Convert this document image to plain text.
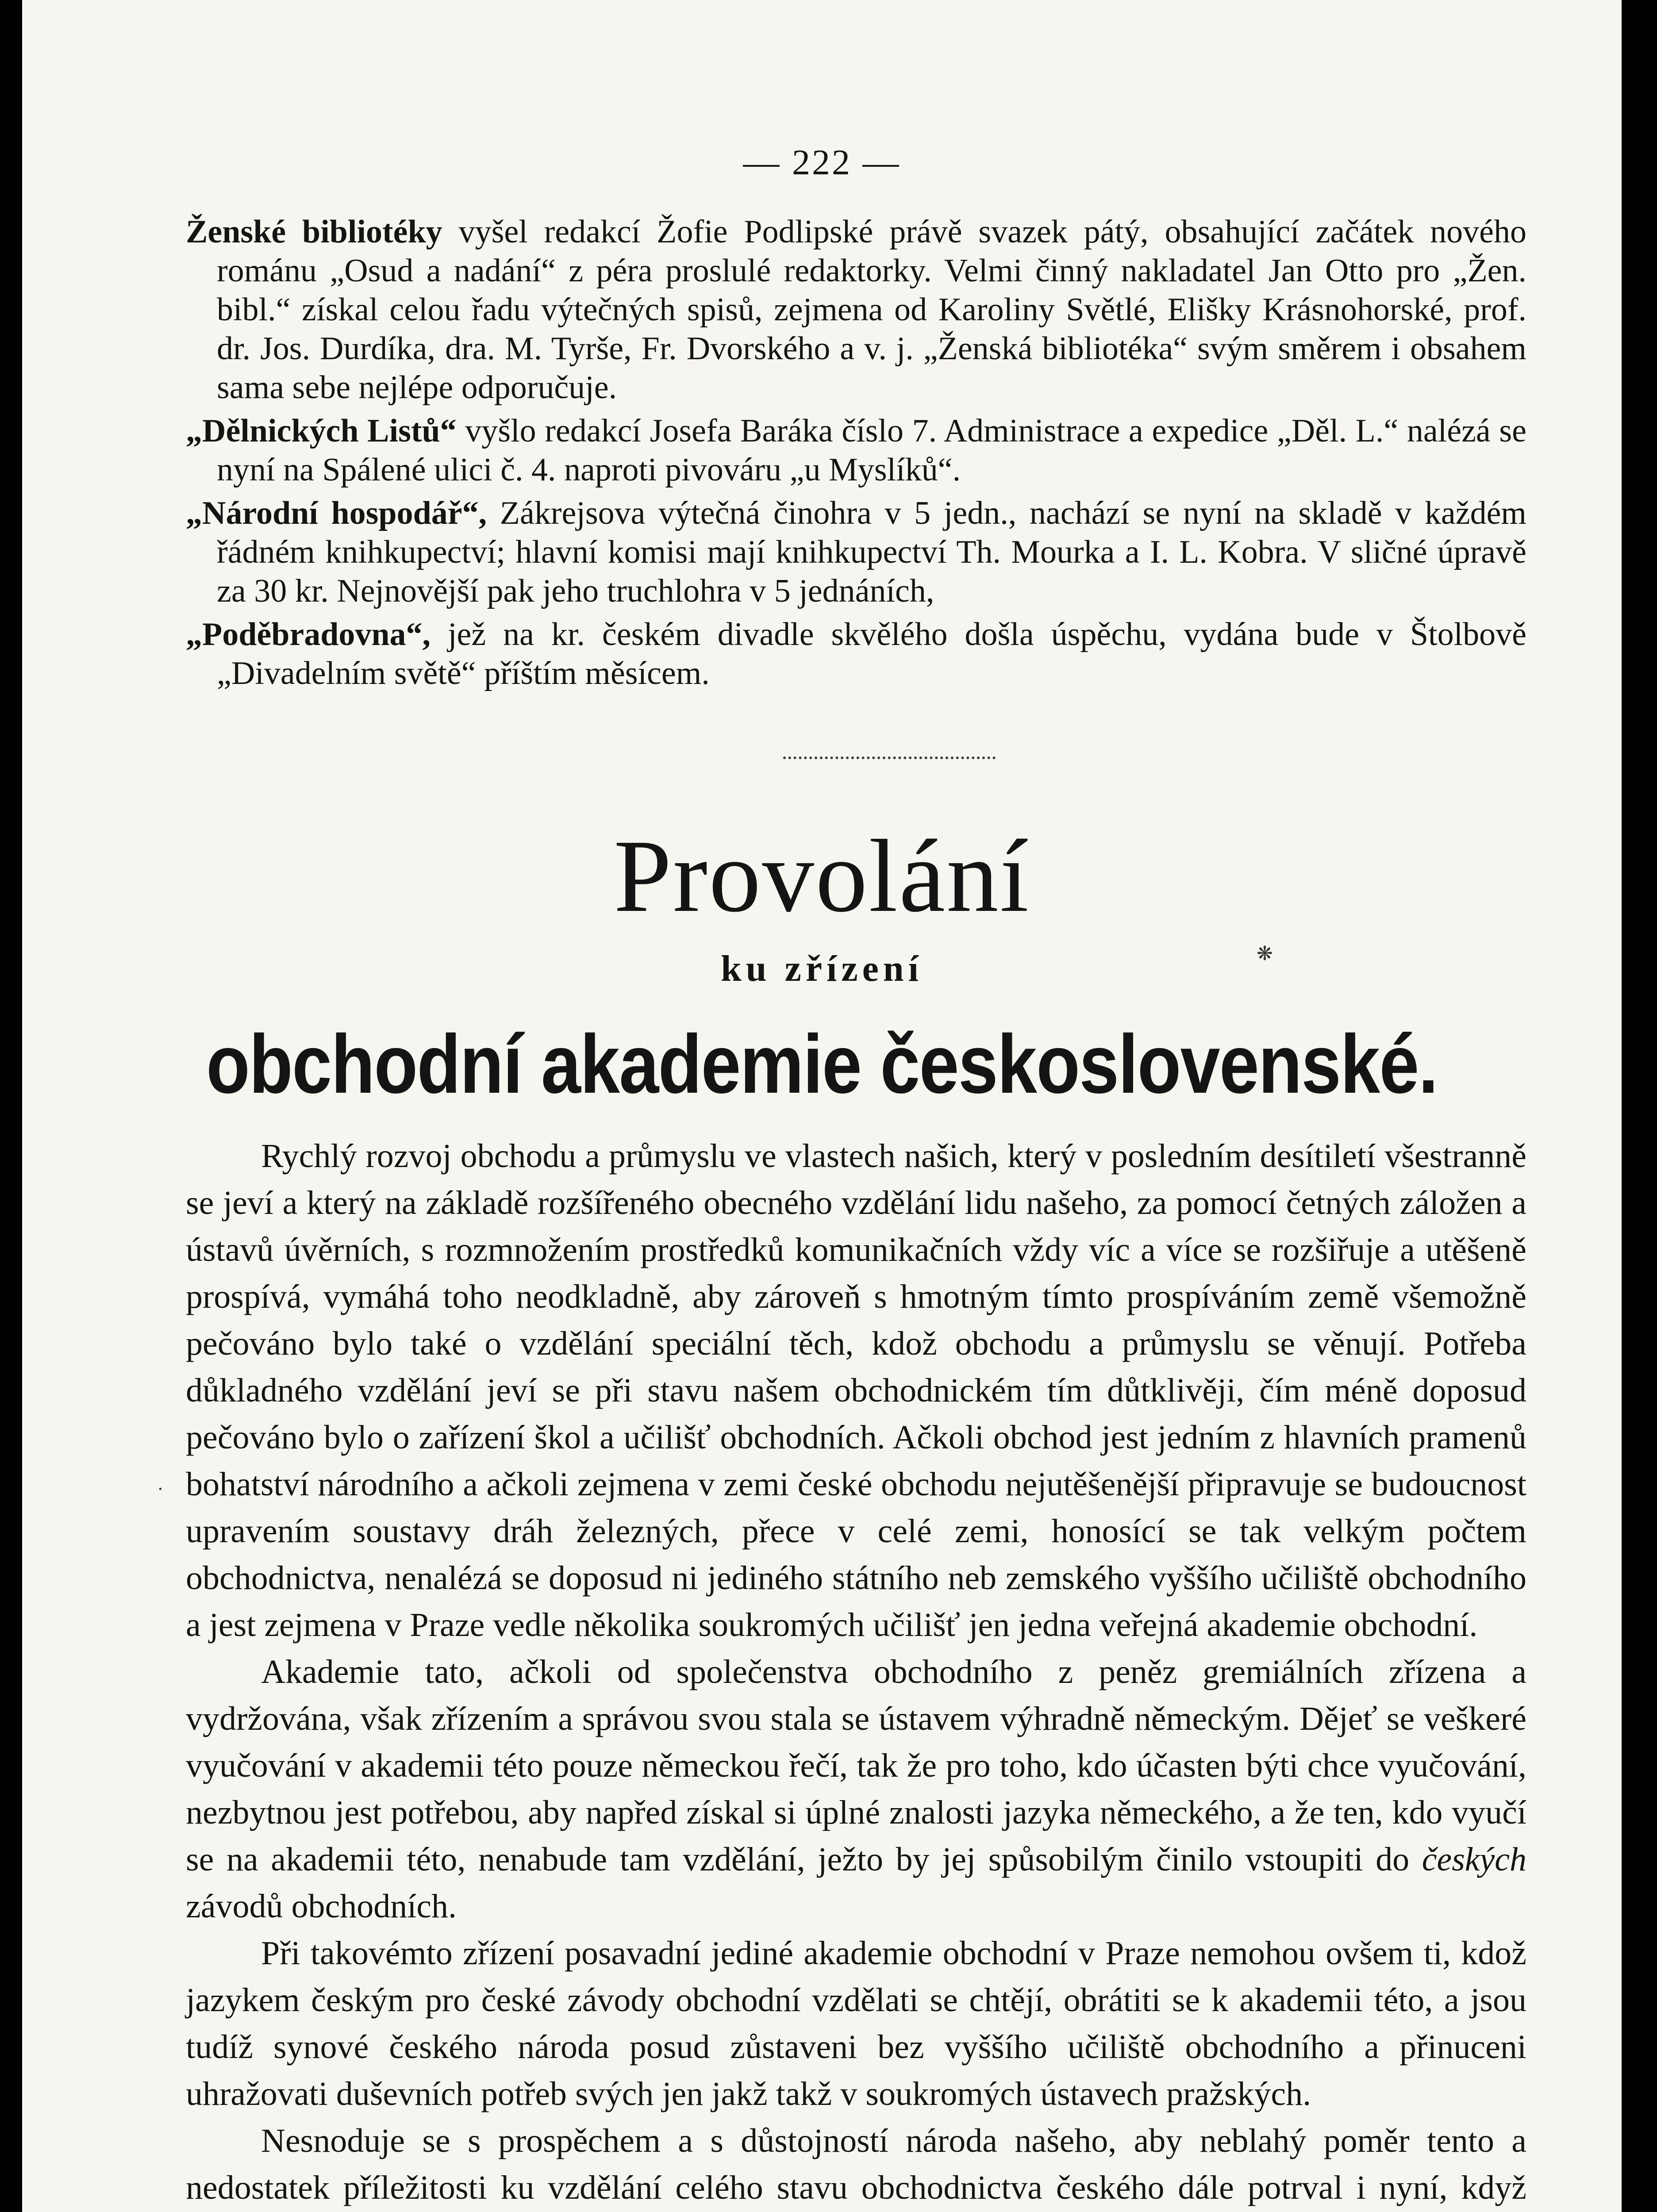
— 222 —

Ženské bibliotéky vyšel redakcí Žofie Podlipské právě svazek pátý, obsahující začátek nového románu „Osud a nadání“ z péra proslulé redaktorky. Velmi činný nakladatel Jan Otto pro „Žen. bibl.“ získal celou řadu výtečných spisů, zejmena od Karoliny Světlé, Elišky Krásnohorské, prof. dr. Jos. Durdíka, dra. M. Tyrše, Fr. Dvorského a v. j. „Ženská bibliotéka“ svým směrem i obsahem sama sebe nejlépe odporučuje.

„Dělnických Listů“ vyšlo redakcí Josefa Baráka číslo 7. Administrace a expedice „Děl. L.“ nalézá se nyní na Spálené ulici č. 4. naproti pivováru „u Myslíků“.

„Národní hospodář“, Zákrejsova výtečná činohra v 5 jedn., nachází se nyní na skladě v každém řádném knihkupectví; hlavní komisi mají knihkupectví Th. Mourka a I. L. Kobra. V sličné úpravě za 30 kr. Nejnovější pak jeho truchlohra v 5 jednáních,

„Poděbradovna“, jež na kr. českém divadle skvělého došla úspěchu, vydána bude v Štolbově „Divadelním světě“ příštím měsícem.

Provolání
ku zřízení
obchodní akademie československé.
❋
·

Rychlý rozvoj obchodu a průmyslu ve vlastech našich, který v posledním desítiletí všestranně se jeví a který na základě rozšířeného obecného vzdělání lidu našeho, za pomocí četných záložen a ústavů úvěrních, s rozmnožením prostředků komunikačních vždy víc a více se rozšiřuje a utěšeně prospívá, vymáhá toho neodkladně, aby zároveň s hmotným tímto prospíváním země všemožně pečováno bylo také o vzdělání speciální těch, kdož obchodu a průmyslu se věnují. Potřeba důkladného vzdělání jeví se při stavu našem obchodnickém tím důtklivěji, čím méně doposud pečováno bylo o zařízení škol a učilišť obchodních. Ačkoli obchod jest jedním z hlavních pramenů bohatství národního a ačkoli zejmena v zemi české obchodu nejutěšenější připravuje se budoucnost upravením soustavy dráh železných, přece v celé zemi, honosící se tak velkým počtem obchodnictva, nenalézá se doposud ni jediného státního neb zemského vyššího učiliště obchodního a jest zejmena v Praze vedle několika soukromých učilišť jen jedna veřejná akademie obchodní.

Akademie tato, ačkoli od společenstva obchodního z peněz gremiálních zřízena a vydržována, však zřízením a správou svou stala se ústavem výhradně německým. Dějeť se veškeré vyučování v akademii této pouze německou řečí, tak že pro toho, kdo účasten býti chce vyučování, nezbytnou jest potřebou, aby napřed získal si úplné znalosti jazyka německého, a že ten, kdo vyučí se na akademii této, nenabude tam vzdělání, ježto by jej spůsobilým činilo vstoupiti do českých závodů obchodních.

Při takovémto zřízení posavadní jediné akademie obchodní v Praze nemohou ovšem ti, kdož jazykem českým pro české závody obchodní vzdělati se chtějí, obrátiti se k akademii této, a jsou tudíž synové českého národa posud zůstaveni bez vyššího učiliště obchodního a přinuceni uhražovati duševních potřeb svých jen jakž takž v soukromých ústavech pražských.

Nesnoduje se s prospěchem a s důstojností národa našeho, aby neblahý poměr tento a nedostatek příležitosti ku vzdělání celého stavu obchodnictva českého dále potrval i nyní, když
